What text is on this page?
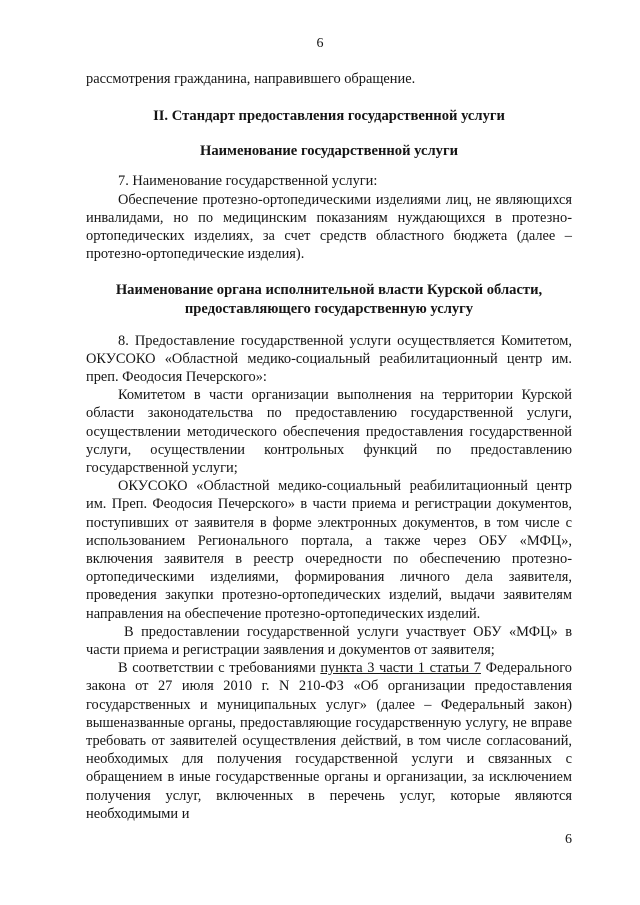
6

рассмотрения гражданина, направившего обращение.

II. Стандарт предоставления государственной услуги
Наименование государственной услуги

7. Наименование государственной услуги:

Обеспечение протезно-ортопедическими изделиями лиц, не являющихся инвалидами, но по медицинским показаниям нуждающихся в протезно-ортопедических изделиях, за счет средств областного бюджета (далее – протезно-ортопедические изделия).

Наименование органа исполнительной власти Курской области,
предоставляющего государственную услугу

8. Предоставление государственной услуги осуществляется Комитетом, ОКУСОКО «Областной медико-социальный реабилитационный центр им. преп. Феодосия Печерского»:

Комитетом в части организации выполнения на территории Курской области законодательства по предоставлению государственной услуги, осуществлении методического обеспечения предоставления государственной услуги, осуществлении контрольных функций по предоставлению государственной услуги;

ОКУСОКО «Областной медико-социальный реабилитационный центр им. Преп. Феодосия Печерского» в части приема и регистрации документов, поступивших от заявителя в форме электронных документов, в том числе с использованием Регионального портала, а также через ОБУ «МФЦ», включения заявителя в реестр очередности по обеспечению протезно-ортопедическими изделиями, формирования личного дела заявителя, проведения закупки протезно-ортопедических изделий, выдачи заявителям направления на обеспечение протезно-ортопедических изделий.

В предоставлении государственной услуги участвует ОБУ «МФЦ» в части приема и регистрации заявления и документов от заявителя;

В соответствии с требованиями пункта 3 части 1 статьи 7 Федерального закона от 27 июля 2010 г. N 210-ФЗ «Об организации предоставления государственных и муниципальных услуг» (далее – Федеральный закон) вышеназванные органы, предоставляющие государственную услугу, не вправе требовать от заявителей осуществления действий, в том числе согласований, необходимых для получения государственной услуги и связанных с обращением в иные государственные органы и организации, за исключением получения услуг, включенных в перечень услуг, которые являются необходимыми и

6
